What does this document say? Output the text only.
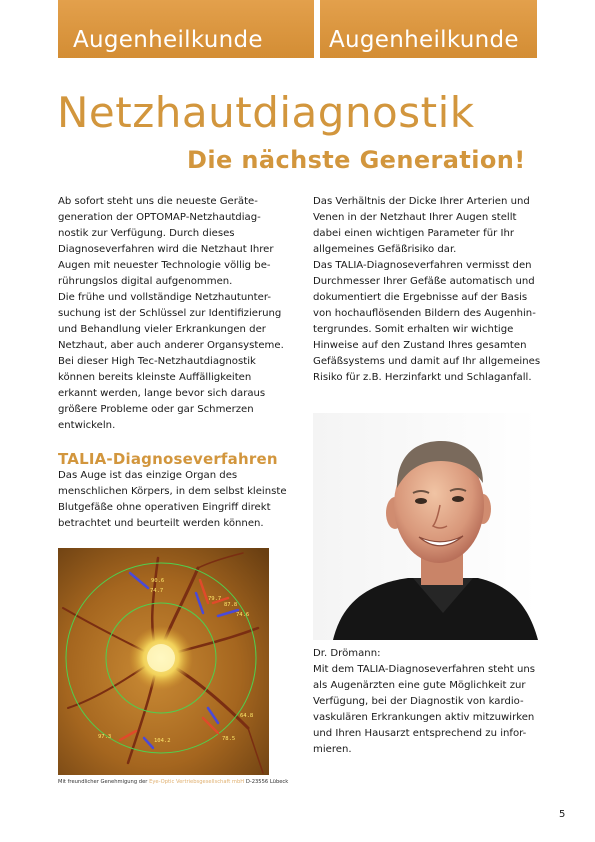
Augenheilkunde	Augenheilkunde
Netzhautdiagnostik
Die nächste Generation!

Ab sofort steht uns die neueste Geräte-
generation der OPTOMAP-Netzhautdiag-
nostik zur Verfügung. Durch dieses
Diagnoseverfahren wird die Netzhaut Ihrer
Augen mit neuester Technologie völlig be-
rührungslos digital aufgenommen.
Die frühe und vollständige Netzhautunter-
suchung ist der Schlüssel zur Identifizierung
und Behandlung vieler Erkrankungen der
Netzhaut, aber auch anderer Organsysteme.
Bei dieser High Tec-Netzhautdiagnostik
können bereits kleinste Auffälligkeiten
erkannt werden, lange bevor sich daraus
größere Probleme oder gar Schmerzen
entwickeln.

TALIA-Diagnoseverfahren

Das Auge ist das einzige Organ des
menschlichen Körpers, in dem selbst kleinste
Blutgefäße ohne operativen Eingriff direkt
betrachtet und beurteilt werden können.

Das Verhältnis der Dicke Ihrer Arterien und
Venen in der Netzhaut Ihrer Augen stellt
dabei einen wichtigen Parameter für Ihr
allgemeines Gefäßrisiko dar.
Das TALIA-Diagnoseverfahren vermisst den
Durchmesser Ihrer Gefäße automatisch und
dokumentiert die Ergebnisse auf der Basis
von hochauflösenden Bildern des Augenhin-
tergrundes. Somit erhalten wir wichtige
Hinweise auf den Zustand Ihres gesamten
Gefäßsystems und damit auf Ihr allgemeines
Risiko für z.B. Herzinfarkt und Schlaganfall.

90.6
79.7
74.7
87.8
74.6
64.8
97.3
104.2	78.5

Mit freundlicher Genehmigung der Eye-Optic Vertriebsgesellschaft mbH D-23556 Lübeck

Dr. Drömann:
Mit dem TALIA-Diagnoseverfahren steht uns
als Augenärzten eine gute Möglichkeit zur
Verfügung, bei der Diagnostik von kardio-
vaskulären Erkrankungen aktiv mitzuwirken
und Ihren Hausarzt entsprechend zu infor-
mieren.

5
